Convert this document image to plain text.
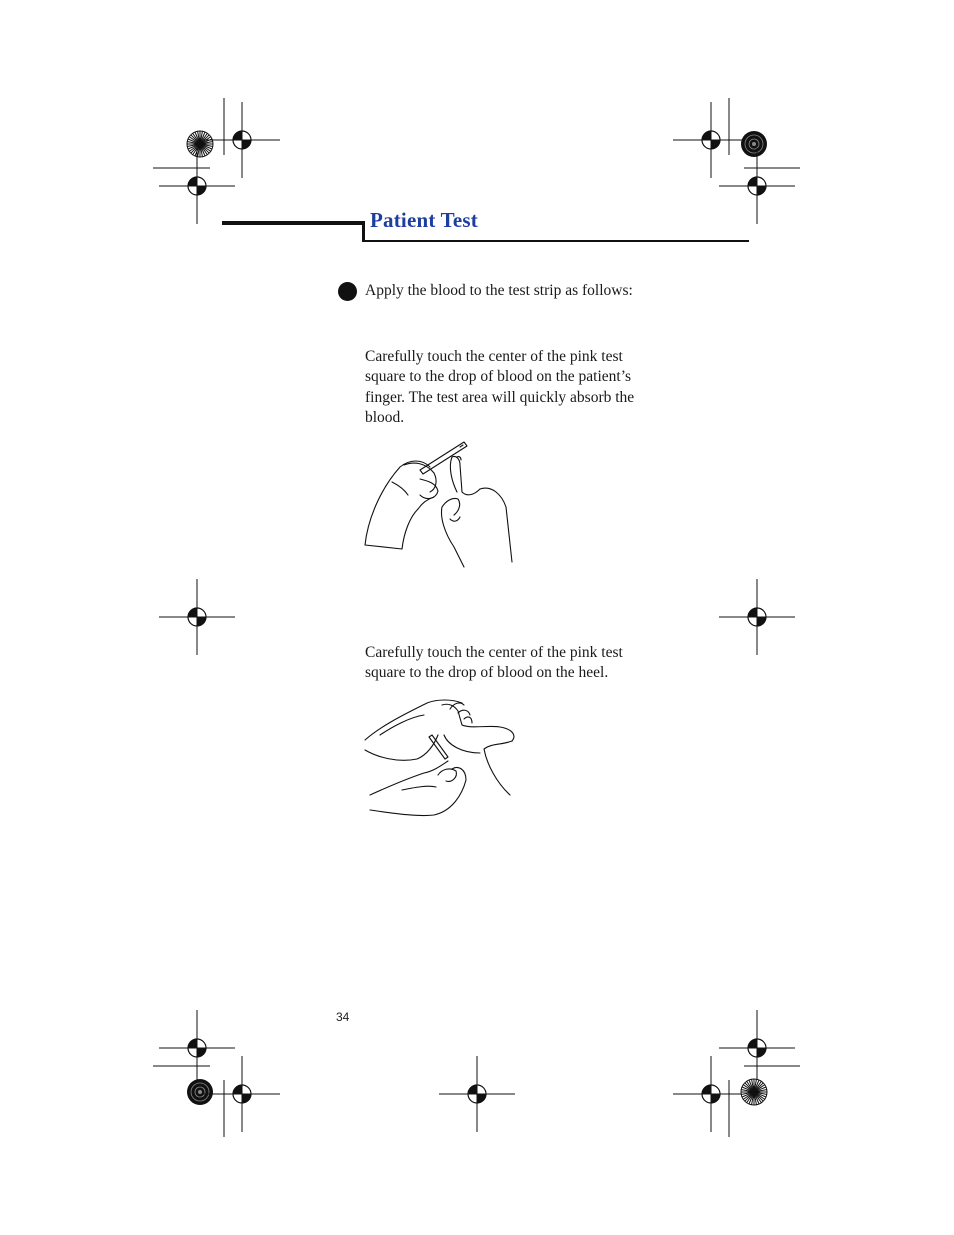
Patient Test
Apply the blood to the test strip as follows:
Carefully touch the center of the pink test square to the drop of blood on the patient’s finger. The test area will quickly absorb the blood.
Carefully touch the center of the pink test square to the drop of blood on the heel.
34
